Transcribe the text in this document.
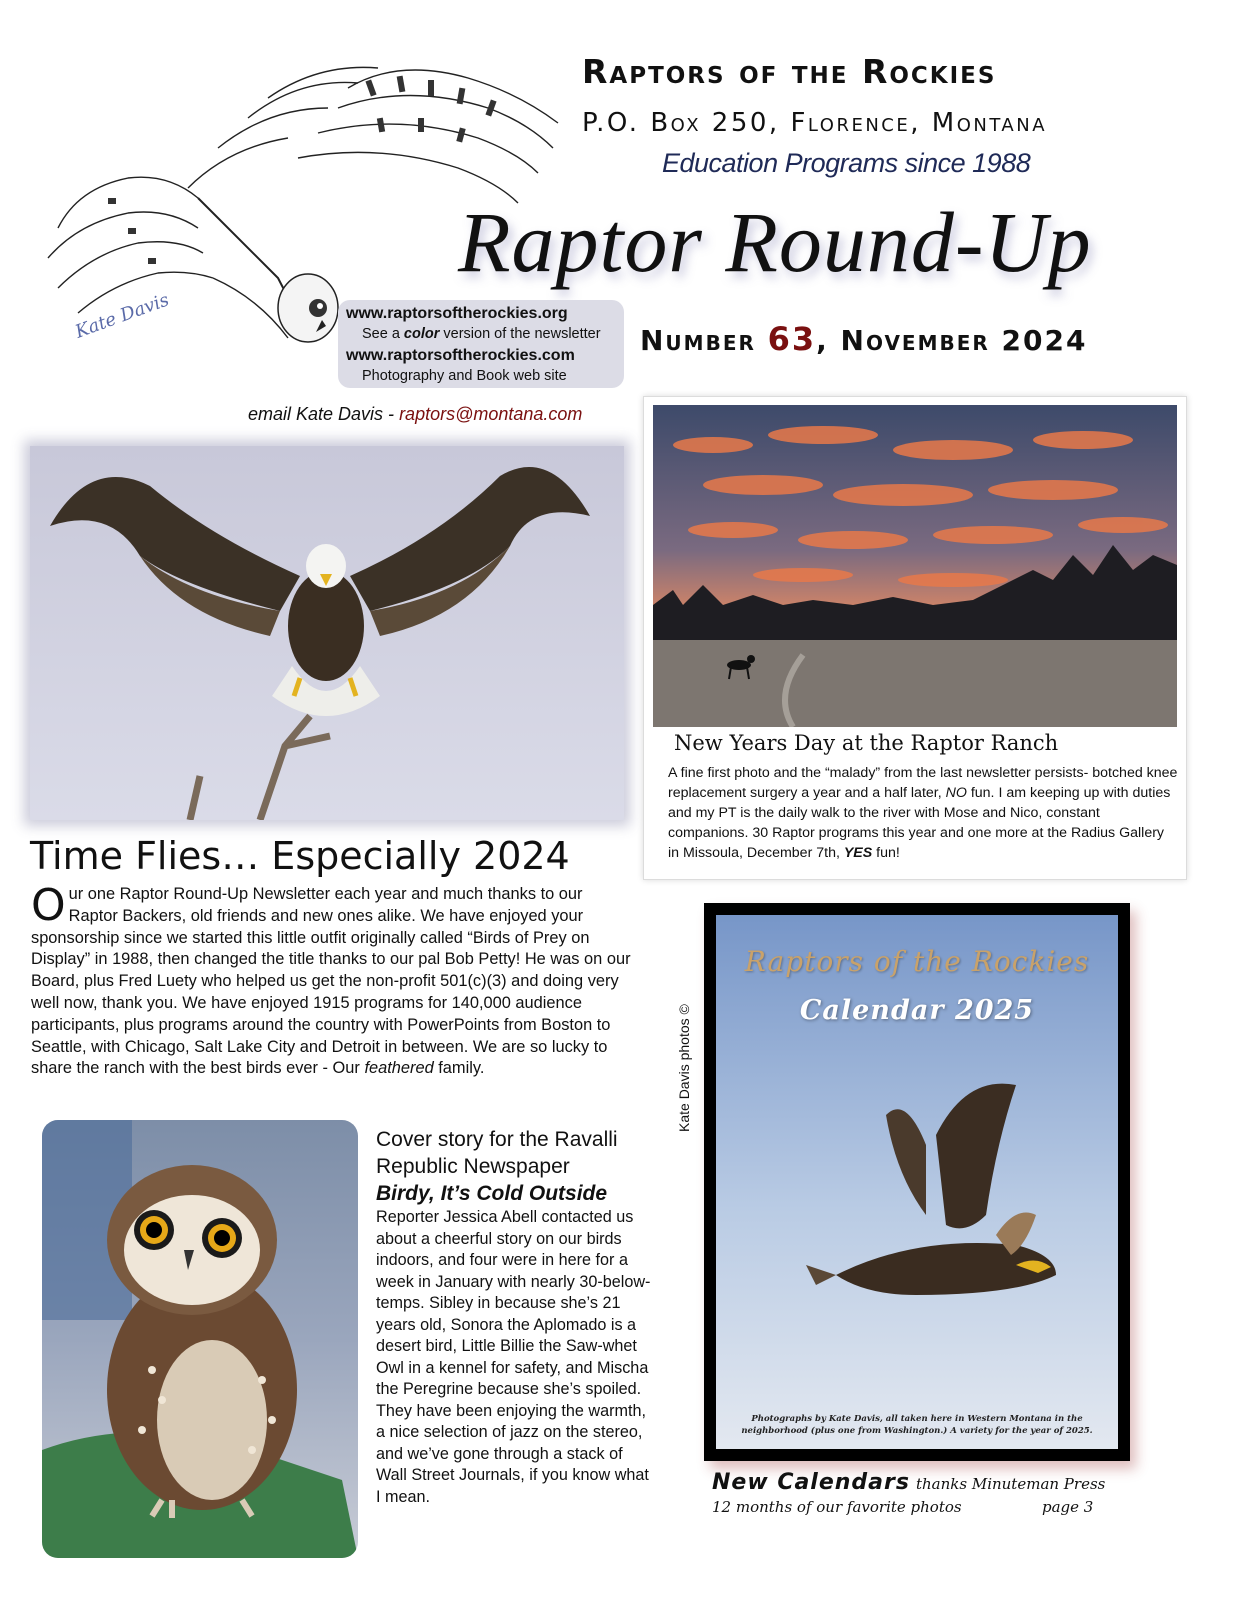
Kate Davis
Raptors of the Rockies
P.O. Box 250, Florence, Montana
Education Programs since 1988
Raptor Round-Up
Number 63, November 2024
www.raptorsoftherockies.org
See a color version of the newsletter
www.raptorsoftherockies.com
Photography and Book web site
email Kate Davis - raptors@montana.com
New Years Day at the Raptor Ranch
A fine first photo and the “malady” from the last newsletter persists- botched knee replacement surgery a year and a half later, NO fun. I am keeping up with duties and my PT is the daily walk to the river with Mose and Nico, constant companions. 30 Raptor programs this year and one more at the Radius Gallery in Missoula, December 7th, YES fun!
Kate Davis photos ©
Time Flies… Especially 2024
Our one Raptor Round-Up Newsletter each year and much thanks to our Raptor Backers, old friends and new ones alike. We have enjoyed your sponsorship since we started this little outfit originally called “Birds of Prey on Display” in 1988, then changed the title thanks to our pal Bob Petty! He was on our Board, plus Fred Luety who helped us get the non-profit 501(c)(3) and doing very well now, thank you. We have enjoyed 1915 programs for 140,000 audience participants, plus programs around the country with PowerPoints from Boston to Seattle, with Chicago, Salt Lake City and Detroit in between. We are so lucky to share the ranch with the best birds ever - Our feathered family.
Cover story for the Ravalli Republic Newspaper
Birdy, It’s Cold Outside
Reporter Jessica Abell contacted us about a cheerful story on our birds indoors, and four were in here for a week in January with nearly 30-below-temps. Sibley in because she’s 21 years old, Sonora the Aplomado is a desert bird, Little Billie the Saw-whet Owl in a kennel for safety, and Mischa the Peregrine because she’s spoiled. They have been enjoying the warmth, a nice selection of jazz on the stereo, and we’ve gone through a stack of Wall Street Journals, if you know what I mean.
Raptors of the Rockies
Calendar 2025
Photographs by Kate Davis, all taken here in Western Montana in the neighborhood (plus one from Washington.) A variety for the year of 2025.
New Calendars thanks Minuteman Press
12 months of our favorite photos	page 3
